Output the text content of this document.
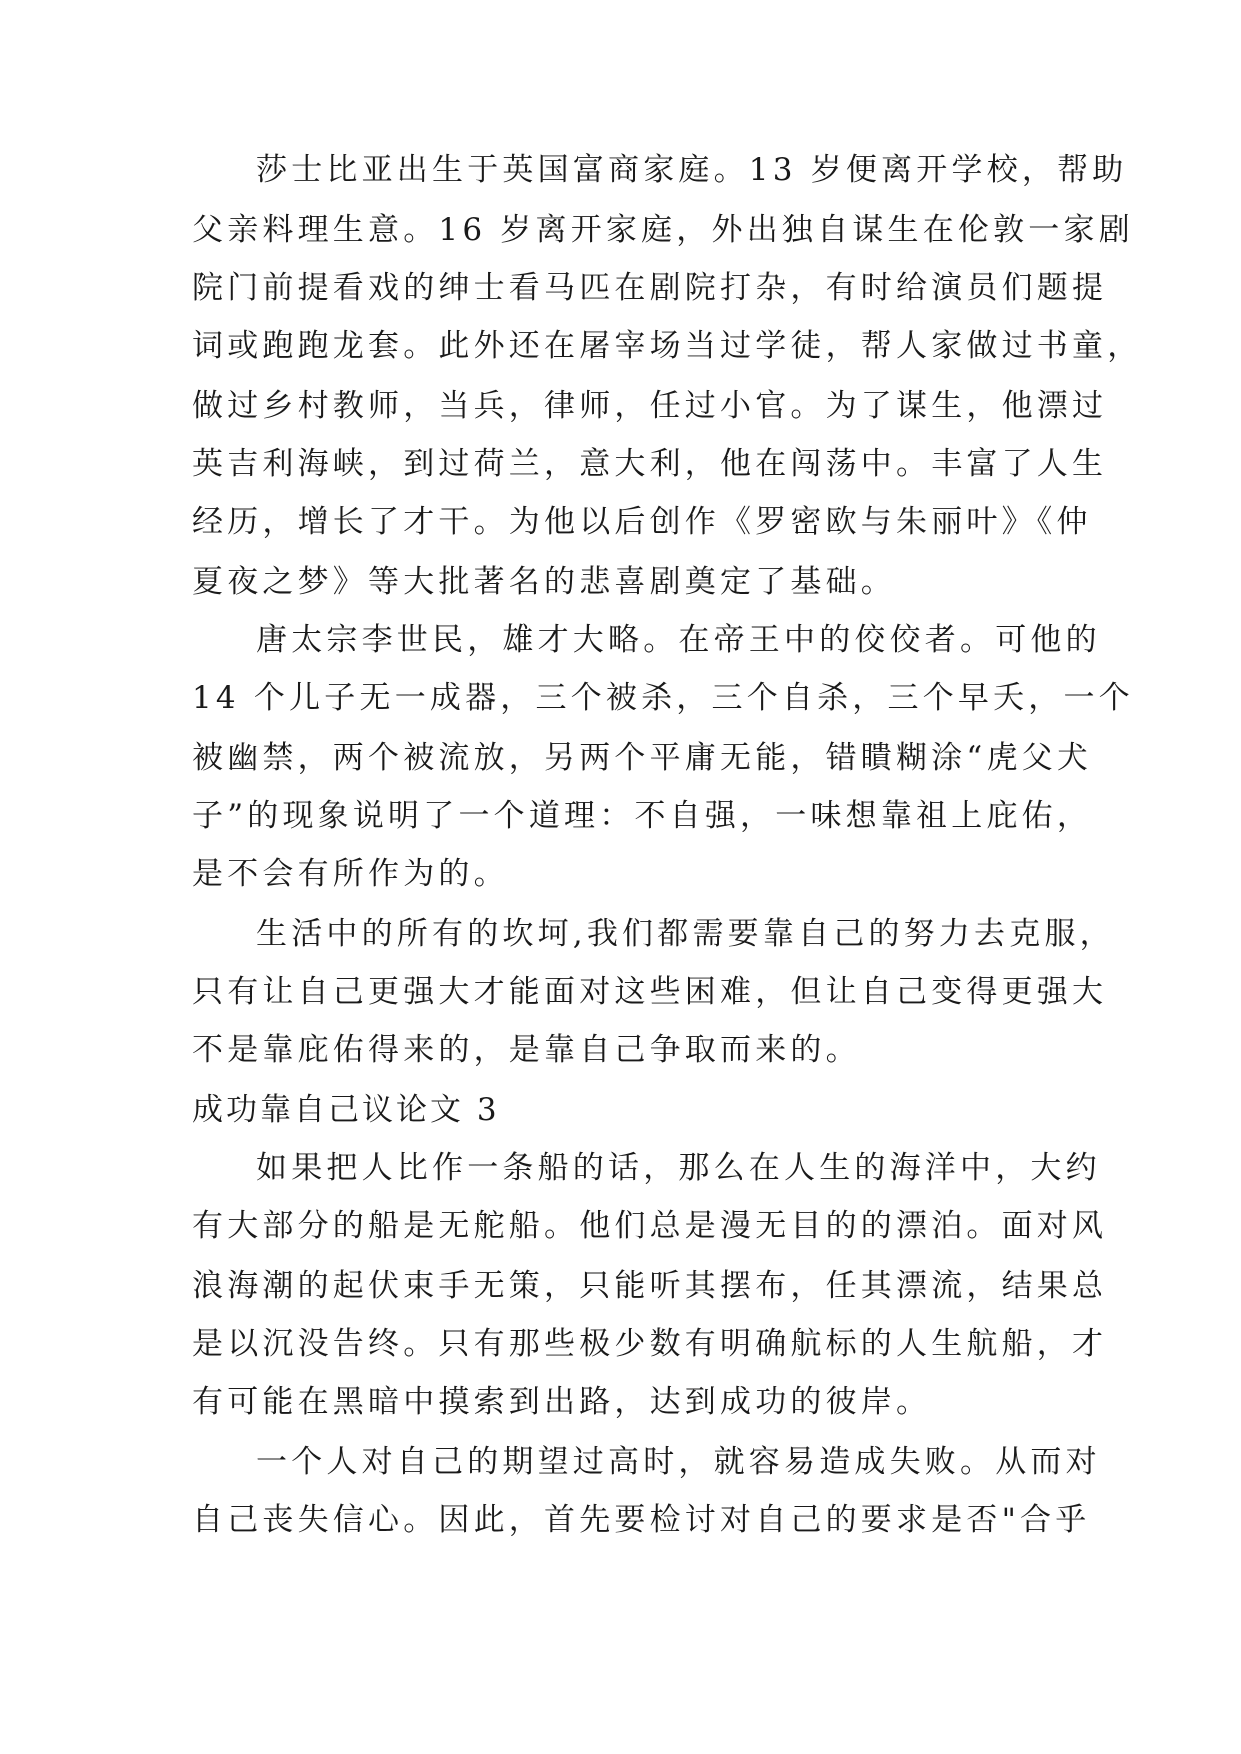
莎士比亚出生于英国富商家庭。13 岁便离开学校，帮助
父亲料理生意。16 岁离开家庭，外出独自谋生在伦敦一家剧
院门前提看戏的绅士看马匹在剧院打杂，有时给演员们题提
词或跑跑龙套。此外还在屠宰场当过学徒，帮人家做过书童，
做过乡村教师，当兵，律师，任过小官。为了谋生，他漂过
英吉利海峡，到过荷兰，意大利，他在闯荡中。丰富了人生
经历，增长了才干。为他以后创作《罗密欧与朱丽叶》《仲
夏夜之梦》等大批著名的悲喜剧奠定了基础。
唐太宗李世民，雄才大略。在帝王中的佼佼者。可他的
14 个儿子无一成器，三个被杀，三个自杀，三个早夭，一个
被幽禁，两个被流放，另两个平庸无能，错瞶糊涂“虎父犬
子”的现象说明了一个道理：不自强，一味想靠祖上庇佑，
是不会有所作为的。
生活中的所有的坎坷,我们都需要靠自己的努力去克服，
只有让自己更强大才能面对这些困难，但让自己变得更强大
不是靠庇佑得来的，是靠自己争取而来的。
成功靠自己议论文 3
如果把人比作一条船的话，那么在人生的海洋中，大约
有大部分的船是无舵船。他们总是漫无目的的漂泊。面对风
浪海潮的起伏束手无策，只能听其摆布，任其漂流，结果总
是以沉没告终。只有那些极少数有明确航标的人生航船，才
有可能在黑暗中摸索到出路，达到成功的彼岸。
一个人对自己的期望过高时，就容易造成失败。从而对
自己丧失信心。因此，首先要检讨对自己的要求是否"合乎
